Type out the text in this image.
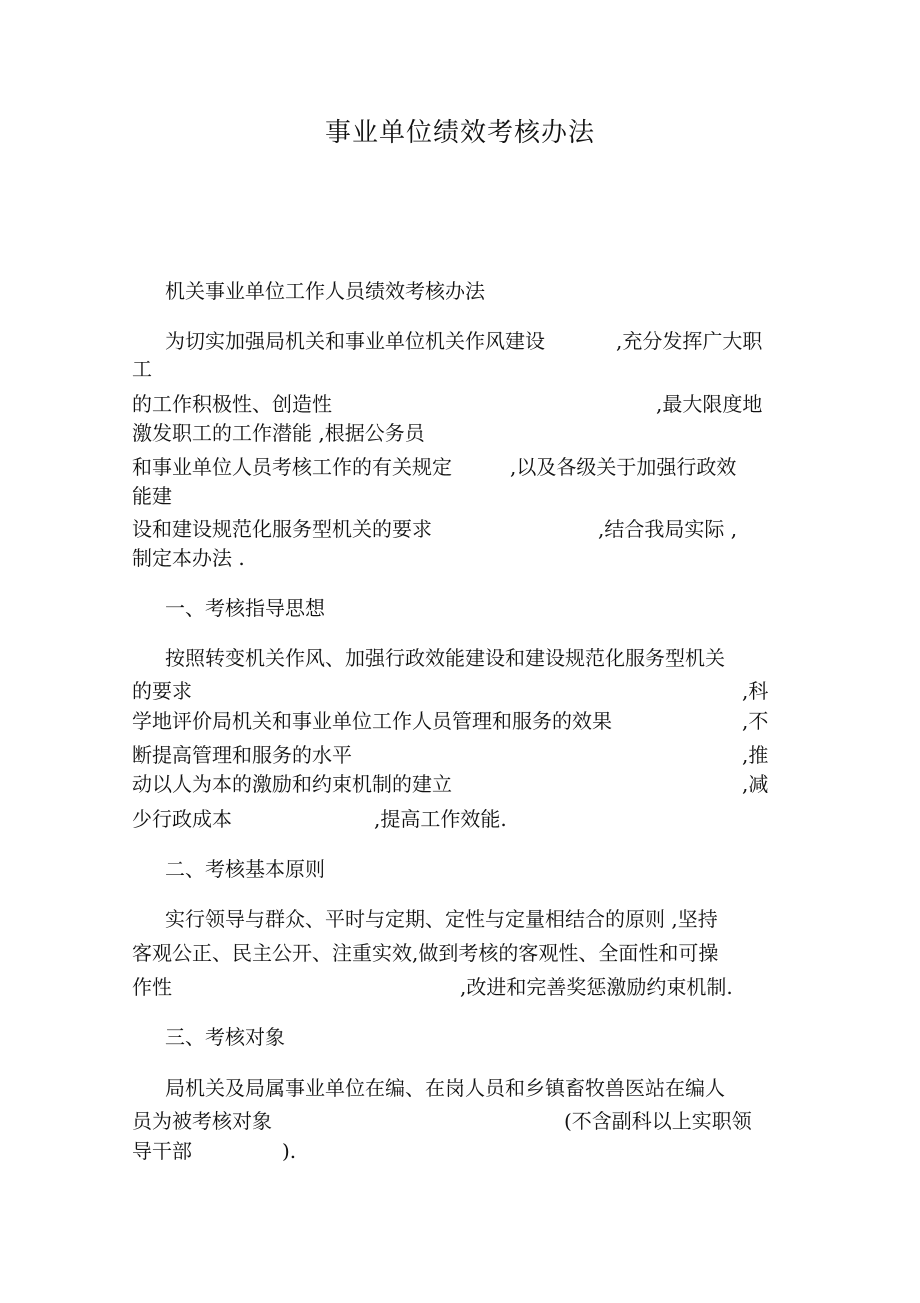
事业单位绩效考核办法
机关事业单位工作人员绩效考核办法
为切实加强局机关和事业单位机关作风建设	,充分发挥广大职
工
的工作积极性、创造性	,最大限度地
激发职工的工作潜能 ,根据公务员
和事业单位人员考核工作的有关规定	,以及各级关于加强行政效
能建
设和建设规范化服务型机关的要求	,结合我局实际 ,
制定本办法 .
一、考核指导思想
按照转变机关作风、加强行政效能建设和建设规范化服务型机关
的要求	,科
学地评价局机关和事业单位工作人员管理和服务的效果	,不
断提高管理和服务的水平	,推
动以人为本的激励和约束机制的建立	,减
少行政成本	,提高工作效能.
二、考核基本原则
实行领导与群众、平时与定期、定性与定量相结合的原则 ,坚持
客观公正、民主公开、注重实效,做到考核的客观性、全面性和可操
作性	,改进和完善奖惩激励约束机制.
三、考核对象
局机关及局属事业单位在编、在岗人员和乡镇畜牧兽医站在编人
员为被考核对象	(不含副科以上实职领
导干部	).
